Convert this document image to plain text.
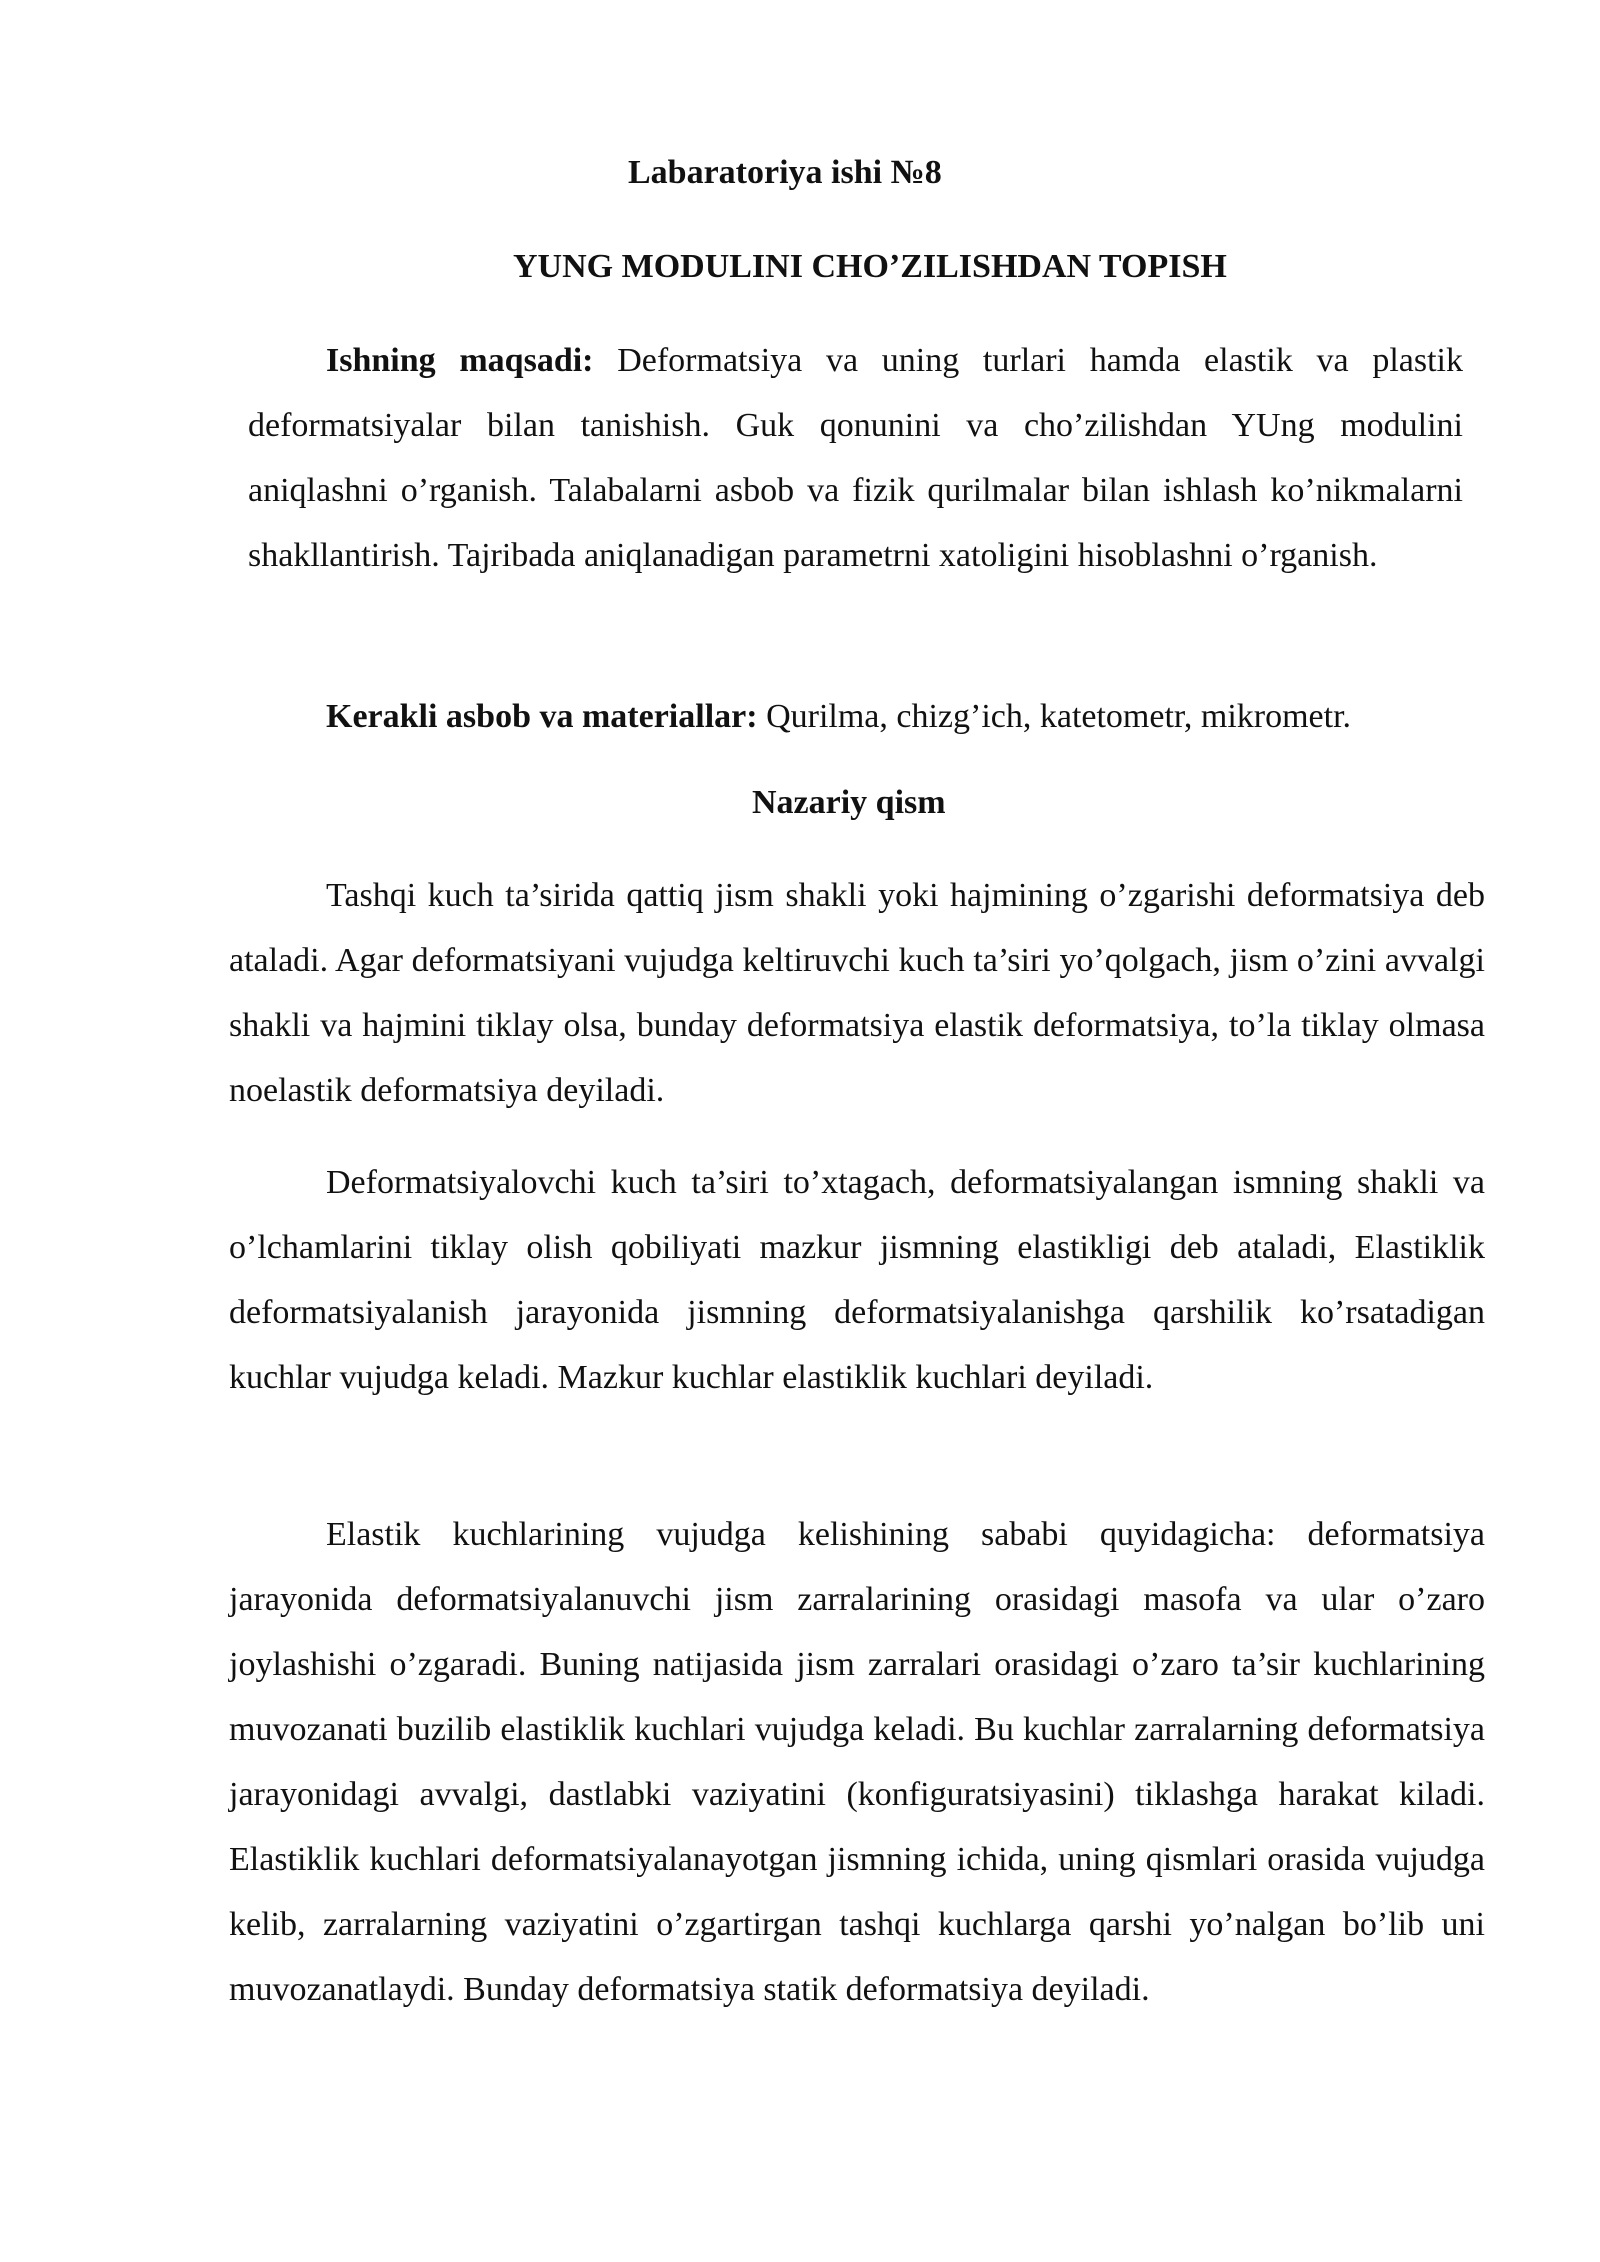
Labaratoriya ishi №8
YUNG MODULINI CHO’ZILISHDAN TOPISH
Ishning maqsadi: Deformatsiya va uning turlari hamda elastik va plastik deformatsiyalar bilan tanishish. Guk qonunini va cho’zilishdan YUng modulini aniqlashni o’rganish. Talabalarni asbob va fizik qurilmalar bilan ishlash ko’nikmalarni shakllantirish. Tajribada aniqlanadigan parametrni xatoligini hisoblashni o’rganish.
Kerakli asbob va materiallar: Qurilma, chizg’ich, katetometr, mikrometr.
Nazariy qism
Tashqi kuch ta’sirida qattiq jism shakli yoki hajmining o’zgarishi deformatsiya deb ataladi. Agar deformatsiyani vujudga keltiruvchi kuch ta’siri yo’qolgach, jism o’zini avvalgi shakli va hajmini tiklay olsa, bunday deformatsiya elastik deformatsiya, to’la tiklay olmasa noelastik deformatsiya deyiladi.
Deformatsiyalovchi kuch ta’siri to’xtagach, deformatsiyalangan ismning shakli va o’lchamlarini tiklay olish qobiliyati mazkur jismning elastikligi deb ataladi, Elastiklik deformatsiyalanish jarayonida jismning deformatsiyalanishga qarshilik ko’rsatadigan kuchlar vujudga keladi. Mazkur kuchlar elastiklik kuchlari deyiladi.
Elastik kuchlarining vujudga kelishining sababi quyidagicha: deformatsiya jarayonida deformatsiyalanuvchi jism zarralarining orasidagi masofa va ular o’zaro joylashishi o’zgaradi. Buning natijasida jism zarralari orasidagi o’zaro ta’sir kuchlarining muvozanati buzilib elastiklik kuchlari vujudga keladi. Bu kuchlar zarralarning deformatsiya jarayonidagi avvalgi, dastlabki vaziyatini (konfiguratsiyasini) tiklashga harakat kiladi. Elastiklik kuchlari deformatsiyalanayotgan jismning ichida, uning qismlari orasida vujudga kelib, zarralarning vaziyatini o’zgartirgan tashqi kuchlarga qarshi yo’nalgan bo’lib uni muvozanatlaydi. Bunday deformatsiya statik deformatsiya deyiladi.
